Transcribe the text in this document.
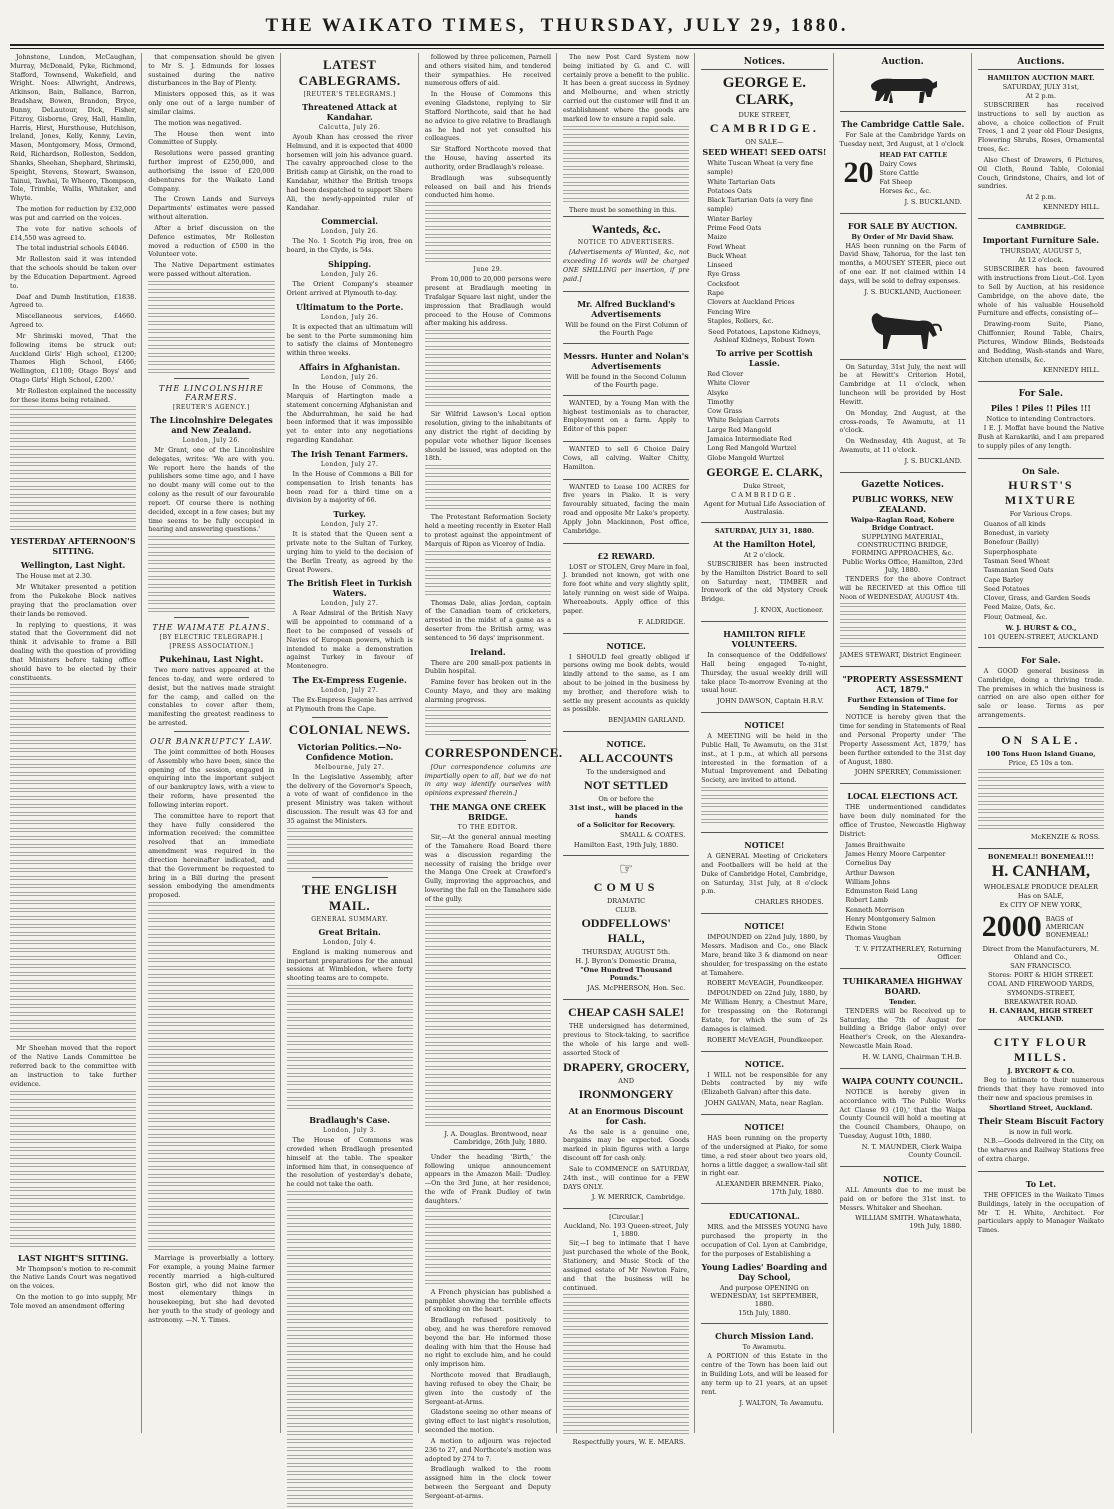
THE WAIKATO TIMES, THURSDAY, JULY 29, 1880.

Johnstone, Lundon, McCaughan, Murray, McDonald, Pyke, Richmond, Stafford, Townsend, Wakefield, and Wright. Noes: Allwright, Andrews, Atkinson, Bain, Ballance, Barron, Bradshaw, Bowen, Brandon, Bryce, Bunny, DeLautour, Dick, Fisher, Fitzroy, Gisborne, Grey, Hall, Hamlin, Harris, Hirst, Hursthouse, Hutchison, Ireland, Jones, Kelly, Kenny, Levin, Mason, Montgomery, Moss, Ormond, Reid, Richardson, Rolleston, Seddon, Shanks, Sheehan, Shephard, Shrimski, Speight, Stevens, Stewart, Swanson, Tainui, Tawhai, Te Wheoro, Thompson, Tole, Trimble, Wallis, Whitaker, and Whyte.

The motion for reduction by £32,000 was put and carried on the voices.

The vote for native schools of £14,550 was agreed to.

The total industrial schools £4046.

Mr Rolleston said it was intended that the schools should be taken over by the Education Department. Agreed to.

Deaf and Dumb Institution, £1838. Agreed to.

Miscellaneous services, £4660. Agreed to.

Mr Shrimski moved, 'That the following items be struck out: Auckland Girls' High school, £1200; Thames High School, £466; Wellington, £1100; Otago Boys' and Otago Girls' High School, £200.'

Mr Rolleston explained the necessity for these items being retained.

YESTERDAY AFTERNOON'S SITTING.
Wellington, Last Night.

The House met at 2.30.

Mr Whitaker presented a petition from the Pukekohe Block natives praying that the proclamation over their lands be removed.

In replying to questions, it was stated that the Government did not think it advisable to frame a Bill dealing with the question of providing that Ministers before taking office should have to be elected by their constituents.

Mr Sheehan moved that the report of the Native Lands Committee be referred back to the committee with an instruction to take further evidence.

LAST NIGHT'S SITTING.

Mr Thompson's motion to re-commit the Native Lands Court was negatived on the voices.

On the motion to go into supply, Mr Tole moved an amendment offering

that compensation should be given to Mr S. J. Edmunds for losses sustained during the native disturbances in the Bay of Plenty.

Ministers opposed this, as it was only one out of a large number of similar claims.

The motion was negatived.

The House then went into Committee of Supply.

Resolutions were passed granting further imprest of £250,000, and authorising the issue of £20,000 debentures for the Waikato Land Company.

The Crown Lands and Surveys Departments' estimates were passed without alteration.

After a brief discussion on the Defence estimates, Mr Rolleston moved a reduction of £500 in the Volunteer vote.

The Native Department estimates were passed without alteration.

THE LINCOLNSHIRE FARMERS.
[REUTER'S AGENCY.]
The Lincolnshire Delegates and New Zealand.
London, July 26.

Mr Grant, one of the Lincolnshire delegates, writes: 'We are with you. We report here the hands of the publishers some time ago, and I have no doubt many will come out to the colony as the result of our favourable report. Of course there is nothing decided, except in a few cases; but my time seems to be fully occupied in hearing and answering questions.'

THE WAIMATE PLAINS.
[BY ELECTRIC TELEGRAPH.]
[PRESS ASSOCIATION.]
Pukehinau, Last Night.

Two more natives appeared at the fences to-day, and were ordered to desist, but the natives made straight for the camp, and called on the constables to cover after them, manifesting the greatest readiness to be arrested.

OUR BANKRUPTCY LAW.

The joint committee of both Houses of Assembly who have been, since the opening of the session, engaged in enquiring into the important subject of our bankruptcy laws, with a view to their reform, have presented the following interim report.

The committee have to report that they have fully considered the information received: the committee resolved that an immediate amendment was required in the direction hereinafter indicated, and that the Government be requested to bring in a Bill during the present session embodying the amendments proposed.

Marriage is proverbially a lottery. For example, a young Maine farmer recently married a high-cultured Boston girl, who did not know the most elementary things in housekeeping, but she had devoted her youth to the study of geology and astronomy. —N. Y. Times.

LATEST CABLEGRAMS.
[REUTER'S TELEGRAMS.]
Threatened Attack at Kandahar.
Calcutta, July 26.

Ayoub Khan has crossed the river Helmund, and it is expected that 4000 horsemen will join his advance guard. The cavalry approached close to the British camp at Girishk, on the road to Kandahar, whither the British troops had been despatched to support Shere Ali, the newly-appointed ruler of Kandahar.

Commercial.
London, July 26.

The No. 1 Scotch Pig iron, free on board, in the Clyde, is 54s.

Shipping.
London, July 26.

The Orient Company's steamer Orient arrived at Plymouth to-day.

Ultimatum to the Porte.
London, July 26.

It is expected that an ultimatum will be sent to the Porte summoning him to satisfy the claims of Montenegro within three weeks.

Affairs in Afghanistan.
London, July 26.

In the House of Commons, the Marquis of Hartington made a statement concerning Afghanistan and the Abdurrahman, he said he had been informed that it was impossible yet to enter into any negotiations regarding Kandahar.

The Irish Tenant Farmers.
London, July 27.

In the House of Commons a Bill for compensation to Irish tenants has been read for a third time on a division by a majority of 66.

Turkey.
London, July 27.

It is stated that the Queen sent a private note to the Sultan of Turkey, urging him to yield to the decision of the Berlin Treaty, as agreed by the Great Powers.

The British Fleet in Turkish Waters.
London, July 27.

A Rear Admiral of the British Navy will be appointed to command of a fleet to be composed of vessels of Navies of European powers, which is intended to make a demonstration against Turkey in favour of Montenegro.

The Ex-Empress Eugenie.
London, July 27.

The Ex-Empress Eugenie has arrived at Plymouth from the Cape.

COLONIAL NEWS.
Victorian Politics.—No-Confidence Motion.
Melbourne, July 27.

In the Legislative Assembly, after the delivery of the Governor's Speech, a vote of want of confidence in the present Ministry was taken without discussion. The result was 43 for and 35 against the Ministers.

THE ENGLISH MAIL.
GENERAL SUMMARY.
Great Britain.
London, July 4.

England is making numerous and important preparations for the annual sessions at Wimbledon, where forty shooting teams are to compete.

Bradlaugh's Case.
London, July 3.

The House of Commons was crowded when Bradlaugh presented himself at the table. The speaker informed him that, in consequence of the resolution of yesterday's debate, he could not take the oath.

followed by three policemen, Parnell and others visited him, and tendered their sympathies. He received numerous offers of aid.

In the House of Commons this evening Gladstone, replying to Sir Stafford Northcote, said that he had no advice to give relative to Bradlaugh as he had not yet consulted his colleagues.

Sir Stafford Northcote moved that the House, having asserted its authority, order Bradlaugh's release.

Bradlaugh was subsequently released on bail and his friends conducted him home.

June 29.

From 10,000 to 20,000 persons were present at Bradlaugh meeting in Trafalgar Square last night, under the impression that Bradlaugh would proceed to the House of Commons after making his address.

Sir Wilfrid Lawson's Local option resolution, giving to the inhabitants of any district the right of deciding by popular vote whether liquor licenses should be issued, was adopted on the 18th.

The Protestant Reformation Society held a meeting recently in Exeter Hall to protest against the appointment of Marquis of Ripon as Viceroy of India.

Thomas Dale, alias Jordan, captain of the Canadian team of cricketers, arrested in the midst of a game as a deserter from the British army, was sentenced to 56 days' imprisonment.

Ireland.

There are 200 small-pox patients in Dublin hospital.

Famine fever has broken out in the County Mayo, and they are making alarming progress.

CORRESPONDENCE.

[Our correspondence columns are impartially open to all, but we do not in any way identify ourselves with opinions expressed therein.]

THE MANGA ONE CREEK BRIDGE.
TO THE EDITOR.

Sir,—At the general annual meeting of the Tamahere Road Board there was a discussion regarding the necessity of raising the bridge over the Manga One Creek at Crawford's Gully, improving the approaches, and lowering the fall on the Tamahere side of the gully.

J. A. Douglas. Brentwood, near Cambridge, 26th July, 1880.

Under the heading 'Birth,' the following unique announcement appears in the Amazon Mail: 'Dudley.—On the 3rd June, at her residence, the wife of Frank Dudley of twin daughters.'

A French physician has published a pamphlet showing the terrible effects of smoking on the heart.

Bradlaugh refused positively to obey, and he was therefore removed beyond the bar. He informed those dealing with him that the House had no right to exclude him, and he could only imprison him.

Northcote moved that Bradlaugh, having refused to obey the Chair, be given into the custody of the Sergeant-at-Arms.

Gladstone seeing no other means of giving effect to last night's resolution, seconded the motion.

A motion to adjourn was rejected 236 to 27, and Northcote's motion was adopted by 274 to 7.

Bradlaugh walked to the room assigned him in the clock tower between the Sergeant and Deputy Sergeant-at-arms.

The new Post Card System now being initiated by G. and C. will certainly prove a benefit to the public. It has been a great success in Sydney and Melbourne, and when strictly carried out the customer will find it an establishment where the goods are marked low to ensure a rapid sale.

There must be something in this.

Wanteds, &c.
NOTICE TO ADVERTISERS.

[Advertisements of Wanted, &c, not exceeding 16 words will be charged ONE SHILLING per insertion, if pre paid.]

Mr. Alfred Buckland's Advertisements
Will be found on the First Column of the Fourth Page
Messrs. Hunter and Nolan's Advertisements
Will be found in the Second Column of the Fourth page.

WANTED, by a Young Man with the highest testimonials as to character, Employment on a farm. Apply to Editor of this paper.

WANTED to sell 6 Choice Dairy Cows, all calving. Walter Chitty, Hamilton.

WANTED to Lease 100 ACRES for five years in Piako. It is very favourably situated, facing the main road and opposite Mr Lake's property. Apply John Mackinnon, Post office, Cambridge.

£2 REWARD.

LOST or STOLEN, Grey Mare in foal, J. branded not known, got with one fore foot white and very slightly split, lately running on west side of Waipa. Whereabouts. Apply office of this paper.

F. ALDRIDGE.
NOTICE.

I SHOULD feel greatly obliged if persons owing me book debts, would kindly attend to the same, as I am about to be joined in the business by my brother, and therefore wish to settle my present accounts as quickly as possible.

BENJAMIN GARLAND.
NOTICE.
ALL ACCOUNTS
To the undersigned and
NOT SETTLED
On or before the
31st inst., will be placed in the hands
of a Solicitor for Recovery.
SMALL & COATES.
Hamilton East, 19th July, 1880.
☞
COMUS
DRAMATIC
CLUB.
ODDFELLOWS' HALL,
THURSDAY, AUGUST 5th.
H. J. Byron's Domestic Drama,
"One Hundred Thousand Pounds."
JAS. McPHERSON, Hon. Sec.
CHEAP CASH SALE!

THE undersigned has determined, previous to Stock-taking, to sacrifice the whole of his large and well-assorted Stock of

DRAPERY, GROCERY,
AND
IRONMONGERY
At an Enormous Discount for Cash.

As the sale is a genuine one, bargains may be expected. Goods marked in plain figures with a large discount off for cash only.

Sale to COMMENCE on SATURDAY, 24th inst., will continue for a FEW DAYS ONLY.

J. W. MERRICK, Cambridge.
[Circular.]
Auckland, No. 193 Queen-street, July 1, 1880.

Sir,—I beg to intimate that I have just purchased the whole of the Book, Stationery, and Music Stock of the assigned estate of Mr Newton Faire, and that the business will be continued.

Respectfully yours, W. E. MEARS.
Notices.
GEORGE E. CLARK,
DUKE STREET,
CAMBRIDGE.
ON SALE—
SEED WHEAT! SEED OATS!
White Tuscan Wheat (a very fine sample)
White Tartarian Oats
Potatoes Oats
Black Tartarian Oats (a very fine sample)
Winter Barley
Prime Feed Oats
Maize
Fowl Wheat
Buck Wheat
Linseed
Rye Grass
Cocksfoot
Rape
Clovers at Auckland Prices
Fencing Wire
Staples, Rollers, &c.
Seed Potatoes, Lapstone Kidneys, Ashleaf Kidneys, Robust Town
To arrive per Scottish Lassie.
Red Clover
White Clover
Alsyke
Timothy
Cow Grass
White Belgian Carrots
Large Red Mangold
Jamaica Intermediate Red
Long Red Mangold Wurtzel
Globe Mangold Wurtzel
GEORGE E. CLARK,
Duke Street,
CAMBRIDGE.
Agent for Mutual Life Association of Australasia.
SATURDAY, JULY 31, 1880.
At the Hamilton Hotel,
At 2 o'clock.

SUBSCRIBER has been instructed by the Hamilton District Board to sell on Saturday next, TIMBER and Ironwork of the old Mystery Creek Bridge.

J. KNOX, Auctioneer.
HAMILTON RIFLE VOLUNTEERS.

In consequence of the Oddfellows' Hall being engaged To-night, Thursday, the usual weekly drill will take place To-morrow Evening at the usual hour.

JOHN DAWSON, Captain H.R.V.
NOTICE!

A MEETING will be held in the Public Hall, Te Awamutu, on the 31st inst., at 1 p.m., at which all persons interested in the formation of a Mutual Improvement and Debating Society, are invited to attend.

NOTICE!

A GENERAL Meeting of Cricketers and Footballers will be held at the Duke of Cambridge Hotel, Cambridge, on Saturday, 31st July, at 8 o'clock p.m.

CHARLES RHODES.
NOTICE!

IMPOUNDED on 22nd July, 1880, by Messrs. Madison and Co., one Black Mare, brand like 3 & diamond on near shoulder, for trespassing on the estate at Tamahere.

ROBERT McVEAGH, Poundkeeper.

IMPOUNDED on 22nd July, 1880, by Mr William Henry, a Chestnut Mare, for trespassing on the Rotorangi Estate, for which the sum of 2s damages is claimed.

ROBERT McVEAGH, Poundkeeper.
NOTICE.

I WILL not be responsible for any Debts contracted by my wife (Elizabeth Galvan) after this date.

JOHN GALVAN, Mata, near Raglan.
NOTICE!

HAS been running on the property of the undersigned at Piako, for some time, a red steer about two years old, horns a little dagger, a swallow-tail slit in right ear.

ALEXANDER BREMNER. Piako, 17th July, 1880.
EDUCATIONAL.

MRS. and the MISSES YOUNG have purchased the property in the occupation of Col. Lyon at Cambridge, for the purposes of Establishing a

Young Ladies' Boarding and Day School,
And purpose OPENING on WEDNESDAY, 1st SEPTEMBER, 1880.
15th July, 1880.
Church Mission Land.
To Awamutu.

A PORTION of this Estate in the centre of the Town has been laid out in Building Lots, and will be leased for any term up to 21 years, at an upset rent.

J. WALTON, Te Awamutu.
Auction.
The Cambridge Cattle Sale.

For Sale at the Cambridge Yards on Tuesday next, 3rd August, at 1 o'clock

20
HEAD FAT CATTLE
Dairy Cows
Store Cattle
Fat Sheep
Horses &c., &c.
J. S. BUCKLAND.
FOR SALE BY AUCTION.
By Order of Mr David Shaw.

HAS been running on the Farm of David Shaw, Tahorua, for the last ten months, a MOUSEY STEER, piece out of one ear. If not claimed within 14 days, will be sold to defray expenses.

J. S. BUCKLAND, Auctioneer.

On Saturday, 31st July, the next will be at Hewitt's Criterion Hotel, Cambridge at 11 o'clock, when luncheon will be provided by Host Hewitt.

On Monday, 2nd August, at the cross-roads, Te Awamutu, at 11 o'clock.

On Wednesday, 4th August, at Te Awamutu, at 11 o'clock.

J. S. BUCKLAND.
Gazette Notices.
PUBLIC WORKS, NEW ZEALAND.
Waipa-Raglan Road, Kohere Bridge Contract.
SUPPLYING MATERIAL, CONSTRUCTING BRIDGE, FORMING APPROACHES, &c.
Public Works Office, Hamilton, 23rd July, 1880.

TENDERS for the above Contract will be RECEIVED at this Office till Noon of WEDNESDAY, AUGUST 4th.

JAMES STEWART, District Engineer.
"PROPERTY ASSESSMENT ACT, 1879."
Further Extension of Time for Sending in Statements.

NOTICE is hereby given that the time for sending in Statements of Real and Personal Property under 'The Property Assessment Act, 1879,' has been further extended to the 31st day of August, 1880.

JOHN SPERREY, Commissioner.
LOCAL ELECTIONS ACT.

THE undermentioned candidates have been duly nominated for the office of Trustee, Newcastle Highway District:

James Braithwaite
James Henry Moore Carpenter
Cornelius Day
Arthur Dawson
William Johns
Edmunston Reid Lang
Robert Lamb
Kenneth Morrison
Henry Montgomery Salmon
Edwin Stone
Thomas Vaughan
T. V. FITZATHERLEY, Returning Officer.
TUHIKARAMEA HIGHWAY BOARD.
Tender.

TENDERS will be Received up to Saturday, the 7th of August for building a Bridge (labor only) over Heather's Creek, on the Alexandra-Newcastle Main Road.

H. W. LANG, Chairman T.H.B.
WAIPA COUNTY COUNCIL.

NOTICE is hereby given in accordance with 'The Public Works Act Clause 93 (10),' that the Waipa County Council will hold a meeting at the Council Chambers, Ohaupo, on Tuesday, August 10th, 1880.

N. T. MAUNDER, Clerk Waipa County Council.
NOTICE.

ALL Amounts due to me must be paid on or before the 31st inst. to Messrs. Whitaker and Sheehan.

WILLIAM SMITH. Whatawhata, 19th July, 1880.
Auctions.
HAMILTON AUCTION MART.
SATURDAY, JULY 31st,
At 2 p.m.

SUBSCRIBER has received instructions to sell by auction as above, a choice collection of Fruit Trees, 1 and 2 year old Flour Designs, Flowering Shrubs, Roses, Ornamental trees, &c.

Also Chest of Drawers, 6 Pictures, Oil Cloth, Round Table, Colonial Couch, Grindstone, Chairs, and lot of sundries.

At 2 p.m.
KENNEDY HILL.
CAMBRIDGE.
Important Furniture Sale.
THURSDAY, AUGUST 5,
At 12 o'clock.

SUBSCRIBER has been favoured with instructions from Lieut.-Col. Lyon to Sell by Auction, at his residence Cambridge, on the above date, the whole of his valuable Household Furniture and effects, consisting of—

Drawing-room Suite, Piano, Chiffonnier, Round Table, Chairs, Pictures, Window Blinds, Bedsteads and Bedding, Wash-stands and Ware, Kitchen utensils, &c.

KENNEDY HILL.
For Sale.
Piles ! Piles !! Piles !!!
Notice to intending Contractors.

I E. J. Moffat have bound the Native Bush at Karakariki, and I am prepared to supply piles of any length.

On Sale.
HURST'S MIXTURE
For Various Crops.
Guanos of all kinds
Bonedust, in variety
Bonefour (Bailly)
Superphosphate
Tasman Seed Wheat
Tasmanian Seed Oats
Cape Barley
Seed Potatoes
Clover, Grass, and Garden Seeds
Feed Maize, Oats, &c.
Flour, Oatmeal, &c.
W. J. HURST & CO.,
101 QUEEN-STREET, AUCKLAND
For Sale.

A GOOD general business in Cambridge, doing a thriving trade. The premises in which the business is carried on are also open either for sale or lease. Terms as per arrangements.

ON SALE.
100 Tons Huon Island Guano,
Price, £5 10s a ton.
McKENZIE & ROSS.
BONEMEAL!! BONEMEAL!!!
H. CANHAM,
WHOLESALE PRODUCE DEALER
Has on SALE,
Ex CITY OF NEW YORK,
2000 BAGS of AMERICAN BONEMEAL!
Direct from the Manufacturers, M. Ohland and Co.,
SAN FRANCISCO.
Stores: PORT & HIGH STREET.
COAL AND FIREWOOD YARDS,
SYMONDS-STREET,
BREAKWATER ROAD.
H. CANHAM, HIGH STREET AUCKLAND.
CITY FLOUR MILLS.
J. BYCROFT & CO.

Beg to intimate to their numerous friends that they have removed into their new and spacious premises in

Shortland Street, Auckland.
Their Steam Biscuit Factory
is now in full work.

N.B.—Goods delivered in the City, on the wharves and Railway Stations free of extra charge.

To Let.

THE OFFICES in the Waikato Times Buildings, lately in the occupation of Mr T. H. White, Architect. For particulars apply to Manager Waikato Times.
